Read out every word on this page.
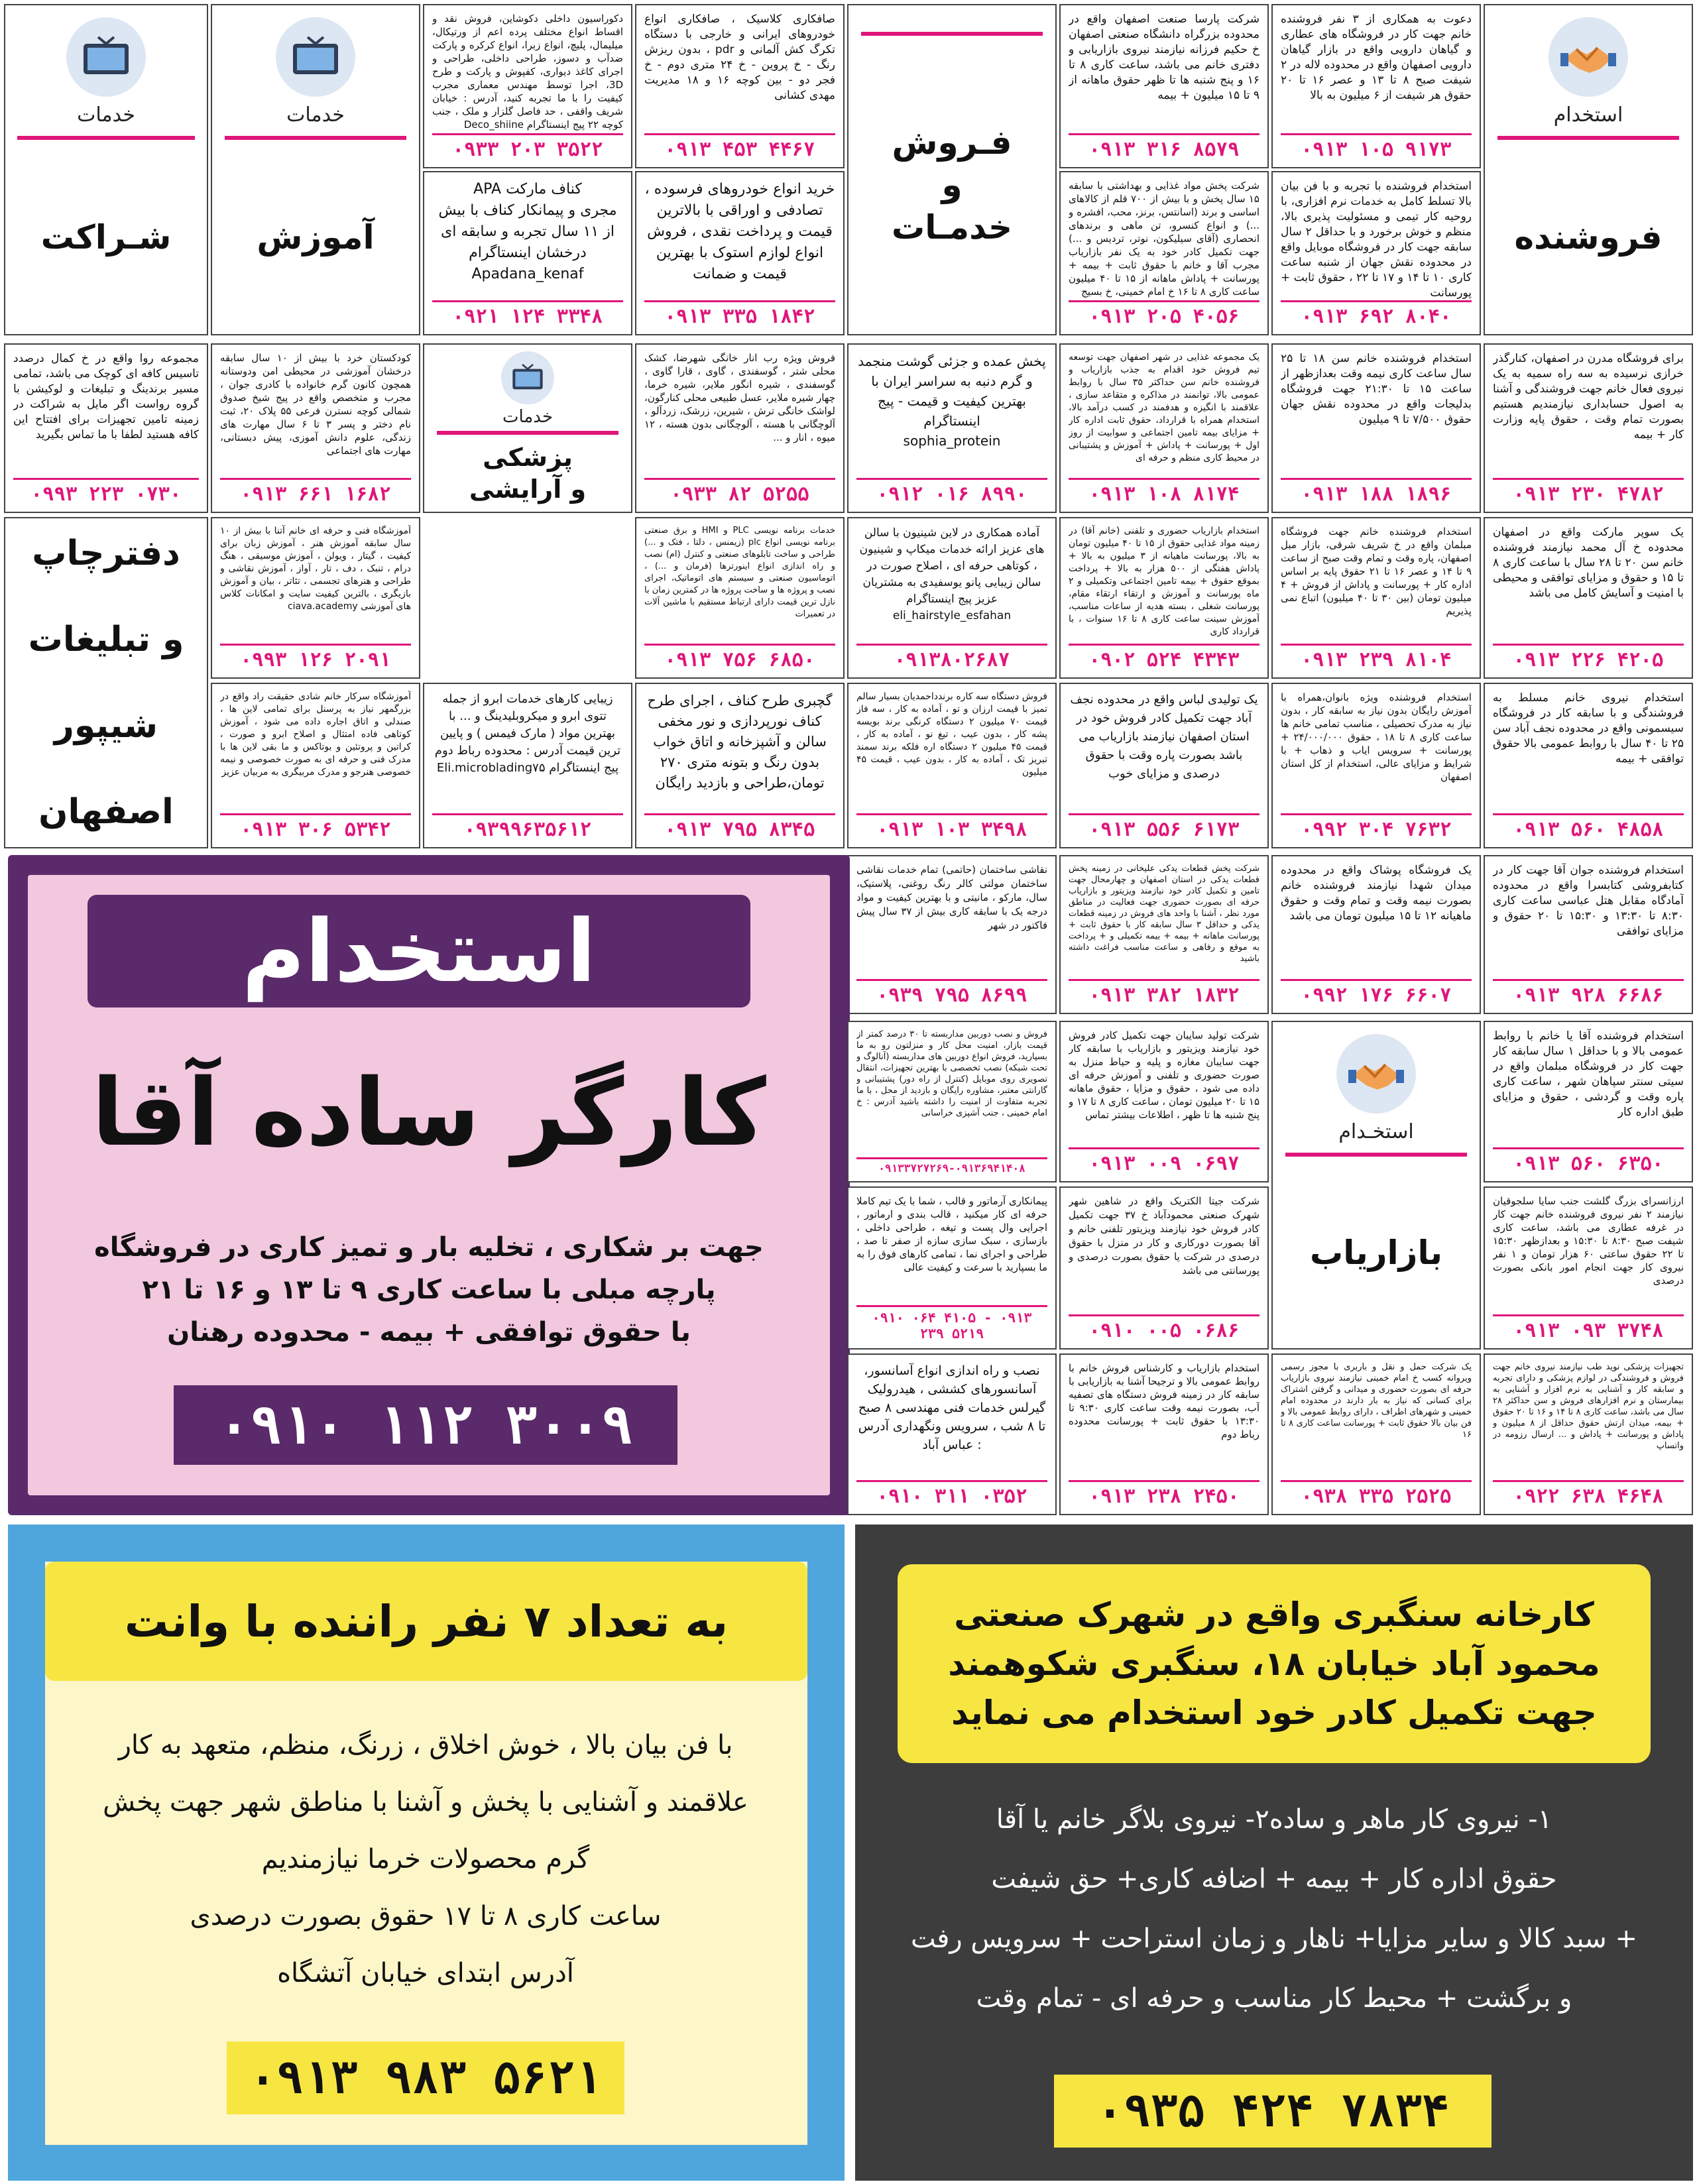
استخدام
فروشنده
دعوت به همکاری از ۳ نفر فروشنده خانم جهت کار در فروشگاه های عطاری و گیاهان دارویی واقع در بازار گیاهان دارویی اصفهان واقع در محدوده لاله در ۲ شیفت صبح ۸ تا ۱۳ و عصر ۱۶ تا ۲۰ حقوق هر شیفت از ۶ میلیون به بالا
۰۹۱۳ ۱۰۵ ۹۱۷۳
شرکت پارسا صنعت اصفهان واقع در محدوده بزرگراه دانشگاه صنعتی اصفهان خ حکیم فرزانه نیازمند نیروی بازاریابی و دفتری خانم می باشد، ساعت کاری ۸ تا ۱۶ و پنج شنبه ها تا ظهر حقوق ماهانه از ۹ تا ۱۵ میلیون + بیمه
۰۹۱۳ ۳۱۶ ۸۵۷۹
فـروش
و
خدمـات
صافکاری کلاسیک ، صافکاری انواع خودروهای ایرانی و خارجی با دستگاه تکرگ کش آلمانی و pdr ، بدون ریزش رنگ - خ پروین - خ ۲۴ متری دوم - خ فجر دو - بین کوچه ۱۶ و ۱۸ مدیریت مهدی کشانی
۰۹۱۳ ۴۵۳ ۴۴۶۷
دکوراسیون داخلی دکوشاین، فروش نقد و اقساط انواع مختلف پرده اعم از ورتیکال، میلیمال، پلیچ، انواع زبرا، انواع کرکره و پارکت ضدآب و دسوز، طراحی داخلی، طراحی و اجرای کاغذ دیواری، کفپوش و پارکت و طرح 3D، اجرا توسط مهندس معماری مجرب کیفیت را با ما تجربه کنید، آدرس : خیابان شریف واقفی ، حد فاصل گلزار و ملک ، جنب کوچه ۲۲ پیج اینستاگرام Deco_shiine
۰۹۳۳ ۲۰۳ ۳۵۲۲
خدمات
آموزش
خدمات
شـراکت
استخدام فروشنده با تجربه و با فن بیان بالا تسلط کامل به خدمات نرم افزاری، با روحیه کار تیمی و مسئولیت پذیری بالا، منظم و خوش برخورد و با حداقل ۲ سال سابقه جهت کار در فروشگاه موبایل واقع در محدوده نقش جهان از شنبه ساعت کاری ۱۰ تا ۱۴ و ۱۷ تا ۲۲ ، حقوق ثابت + پورسانت
۰۹۱۳ ۶۹۲ ۸۰۴۰
شرکت پخش مواد غذایی و بهداشتی با سابقه ۱۵ سال پخش و با بیش از ۷۰۰ قلم از کالاهای اساسی و برند (اسانتس، برنز، محب، افشره و ...) و انواع کنسرو، تن ماهی و برندهای انحصاری (آقای سیلیکون، نوتر، تردیس و ...) جهت تکمیل کادر خود به یک نفر بازاریاب مجرب آقا و خانم با حقوق ثابت + بیمه + پورسانت + پاداش ماهانه از ۱۵ تا ۴۰ میلیون ساعت کاری ۸ تا ۱۶ خ امام خمینی، خ بسیج
۰۹۱۳ ۲۰۵ ۴۰۵۶
خرید انواع خودروهای فرسوده ، تصادفی و اوراقی با بالاترین قیمت و پرداخت نقدی ، فروش انواع لوازم استوک با بهترین قیمت و ضمانت
۰۹۱۳ ۳۳۵ ۱۸۴۲
کناف مارکت APA
مجری و پیمانکار کناف با بیش از ۱۱ سال تجربه و سابقه ای درخشان اینستاگرام
Apadana_kenaf
۰۹۲۱ ۱۲۴ ۳۳۴۸
برای فروشگاه مدرن در اصفهان، کنارگذر خرازی نرسیده به سه راه سمیه به یک نیروی فعال خانم جهت فروشندگی و آشنا به اصول حسابداری نیازمندیم هستیم بصورت تمام وقت ، حقوق پایه وزارت کار + بیمه
۰۹۱۳ ۲۳۰ ۴۷۸۲
استخدام فروشنده خانم سن ۱۸ تا ۲۵ سال ساعت کاری نیمه وقت بعدازظهر از ساعت ۱۵ تا ۲۱:۳۰ جهت فروشگاه بدلیجات واقع در محدوده نقش جهان حقوق ۷/۵۰۰ تا ۹ میلیون
۰۹۱۳ ۱۸۸ ۱۸۹۶
یک مجموعه غذایی در شهر اصفهان جهت توسعه تیم فروش خود اقدام به جذب بازاریاب و فروشنده خانم سن حداکثر ۳۵ سال با روابط عمومی بالا، توانمند در مذاکره و متقاعد سازی ، علاقمند با انگیزه و هدفمند در کسب درآمد بالا، استخدام همراه با قرارداد، حقوق ثابت اداره کار + مزایای بیمه تامین اجتماعی و سوابیت از روز اول + پورسانت + پاداش + آموزش و پشتیبانی در محیط کاری منظم و حرفه ای
۰۹۱۳ ۱۰۸ ۸۱۷۴
پخش عمده و جزئی گوشت منجمد و گرم دنبه به سراسر ایران با بهترین کیفیت و قیمت - پیج اینستاگرام
sophia_protein
۰۹۱۲ ۰۱۶ ۸۹۹۰
فروش ویژه رب انار خانگی شهرضا، کشک محلی شتر ، گوسفندی ، گاوی ، قارا گاوی ، گوسفندی ، شیره انگور ملایر، شیره خرما، چهار شیره ملایر، عسل طبیعی محلی کنارگون، لواشک خانگی ترش ، شیرین، زرشک، زردآلو ، آلوچگانی با هسته ، آلوچگانی بدون هسته ، ۱۲ میوه ، انار و ...
۰۹۳۳ ۸۲ ۵۲۵۵
خدمات
پزشکی
و آرایشی
کودکستان خرد با بیش از ۱۰ سال سابقه درخشان آموزشی در محیطی امن ودوستانه همچون کانون گرم خانواده با کادری جوان ، مجرب و متخصص واقع در پیج شیخ صدوق شمالی کوچه نسترن فرعی ۵۵ پلاک ۲۰، ثبت نام دختر و پسر ۳ تا ۶ سال مهارت های زندگی، علوم دانش آموزی، پیش دبستانی، مهارت های اجتماعی
۰۹۱۳ ۶۶۱ ۱۶۸۲
مجموعه روا واقع در خ کمال درصدد تاسیس کافه ای کوچک می باشد، تمامی مسیر برندینگ و تبلیغات و لوکیشن با گروه رواست اگر مایل به شراکت در زمینه تامین تجهیزات برای افتتاح این کافه هستید لطفا با ما تماس بگیرید
۰۹۹۳ ۲۲۳ ۰۷۳۰
یک سوپر مارکت واقع در اصفهان محدوده خ آل محمد نیازمند فروشنده خانم سن ۲۰ تا ۲۸ سال با ساعت کاری ۸ تا ۱۵ و حقوق و مزایای توافقی و محیطی با امنیت و آسایش کامل می باشد
۰۹۱۳ ۲۲۶ ۴۲۰۵
استخدام فروشنده خانم جهت فروشگاه مبلمان واقع در خ شریف شرقی، بازار مبل اصفهان، پاره وقت و تمام وقت صبح از ساعت ۹ تا ۱۴ و عصر ۱۶ تا ۲۱ حقوق پایه بر اساس اداره کار + پورسانت و پاداش از فروش + ۴ میلیون تومان (بین ۳۰ تا ۴۰ میلیون) اتباع نمی پذیریم
۰۹۱۳ ۲۳۹ ۸۱۰۴
استخدام بازاریاب حضوری و تلفنی (خانم آقا) در زمینه مواد غذایی حقوق از ۱۵ تا ۴۰ میلیون تومان به بالا، پورسانت ماهیانه از ۳ میلیون به بالا + پاداش هفتگی از ۵۰۰ هزار به بالا + پرداخت بموقع حقوق + بیمه تامین اجتماعی وتکمیلی و ۲ ماه پورسانت و آموزش و ارتقاء ارتقاء مقام، پورسانت شغلی ، بسته هدیه از ساعات مناسب، آموزش سینت ساعت کاری ۸ تا ۱۶ سنوات ، با قرارداد کاری
۰۹۰۲ ۵۲۴ ۴۳۴۳
آماده همکاری در لاین شینیون با سالن های عزیز ارائه خدمات میکاپ و شینیون ، کوتاهی حرفه ای ، اصلاح صورت در سالن زیبایی پانو یوسفیدی به مشتریان عزیز پیج اینستاگرام eli_hairstyle_esfahan
۰۹۱۳۸۰۲۶۸۷
خدمات برنامه نویسی PLC و HMI و برق صنعتی برنامه نویسی انواع plc (زیمنس ، دلتا ، فتک و ...) طراحی و ساخت تابلوهای صنعتی و کنترل (ام) نصب و راه اندازی انواع اینورترها (فرمان و ...) ، اتوماسیون صنعتی و سیستم های اتوماتیک، اجرای نصب و پروژه ها و ساخت پروژه ها در کمترین زمان با نازل ترین قیمت دارای ارتباط مستقیم با ماشین آلات در تعمیرات
۰۹۱۳ ۷۵۶ ۶۸۵۰
آموزشگاه فنی و حرفه ای خانم آتنا با بیش از ۱۰ سال سابقه آموزش هنر ، آموزش زبان برای کیفیت ، گیتار ، ویولن ، آموزش موسیقی ، هنگ درام ، تنبک ، دف ، تار ، آواز ، آموزش نقاشی و طراحی و هنرهای تجسمی ، تئاتر ، بیان و آموزش بازیگری ، بالترین کیفیت سایت و امکانات کلاس های آموزشی ciava.academy
۰۹۹۳ ۱۲۶ ۲۰۹۱
دفترچاپ
و تبلیغات
شیپور اصفهان
استخدام نیروی خانم مسلط به فروشندگی و با سابقه کار در فروشگاه سیسمونی واقع در محدوده نجف آباد سن ۲۵ تا ۴۰ سال با روابط عمومی بالا حقوق توافقی + بیمه
۰۹۱۳ ۵۶۰ ۴۸۵۸
استخدام فروشنده ویژه بانوان،همراه با آموزش رایگان بدون نیاز به سابقه کار ، بدون نیاز به مدرک تحصیلی ، مناسب تمامی خانم ها ساعت کاری ۸ تا ۱۸ ، حقوق ۲۴/۰۰۰/۰۰۰ + پورسانت + سرویس ایاب و ذهاب + با شرایط و مزایای عالی، استخدام از کل استان اصفهان
۰۹۹۲ ۳۰۴ ۷۶۳۲
یک تولیدی لباس واقع در محدوده نجف آباد جهت تکمیل کادر فروش خود در استان اصفهان نیازمند بازاریاب می باشد بصورت پاره وقت با حقوق درصدی و مزایای خوب
۰۹۱۳ ۵۵۶ ۶۱۷۳
فروش دستگاه سه کاره برندداحمدیان بسیار سالم تمیز با قیمت ارزان و تو ، آماده به کار ، سه فاز قیمت ۷۰ میلیون ۲ دستگاه کرنگی برند بویسه پشه کار ، بدون عیب ، تیغ نو ، آماده به کار ، قیمت ۴۵ میلیون ۲ دستگاه اره فلکه برند سمند تبریز تک ، آماده به کار ، بدون عیب ، قیمت ۴۵ میلیون
۰۹۱۳ ۱۰۳ ۳۴۹۸
گچبری طرح کناف ، اجرای طرح کناف نورپردازی و نور مخفی سالن و آشپزخانه و اتاق خواب بدون رنگ و بتونه متری ۲۷۰ تومان،طراحی و بازدید رایگان
۰۹۱۳ ۷۹۵ ۸۳۴۵
زیبایی کارهای خدمات ابرو از جمله تتوی ابرو و میکروبلیدینگ و ... با بهترین مواد ( مارک فیمس ) و پایین ترین قیمت آدرس : محدوده رباط دوم پیج اینستاگرام Eli.microblading۷۵
۰۹۳۹۹۶۳۵۶۱۲
آموزشگاه سرکار خانم شادی حقیقت راد واقع در بزرگمهر نیاز به پرسنل برای تمامی لاین ها ، صندلی و اتاق اجاره داده می شود ، آموزش کوتاهی فاده امتثال و اصلاح ابرو و صورت ، کراتین و پروتئین و بوتاکس و ما بقی لاین ها با مدرک فنی و حرفه ای به صورت خصوصی و نیمه خصوصی هنرجو و مدرک مربیگری به مربیان عزیز
۰۹۱۳ ۳۰۶ ۵۳۴۲
استخدام فروشنده جوان آقا جهت کار در کتابفروشی کتابسرا واقع در محدوده آمادگاه مقابل هتل عباسی ساعت کاری ۸:۳۰ تا ۱۳:۳۰ و ۱۵:۳۰ تا ۲۰ حقوق و مزایای توافقی
۰۹۱۳ ۹۲۸ ۶۶۸۶
یک فروشگاه پوشاک واقع در محدوده میدان شهدا نیازمند فروشنده خانم بصورت نیمه وقت و تمام وقت و حقوق ماهیانه ۱۲ تا ۱۵ میلیون تومان می باشد
۰۹۹۲ ۱۷۶ ۶۶۰۷
شرکت پخش قطعات یدکی علیخانی در زمینه پخش قطعات یدکی در استان اصفهان و چهارمحال جهت تامین و تکمیل کادر خود نیازمند ویزیتور و بازاریاب حرفه ای بصورت حضوری جهت فعالیت در مناطق مورد نظر ، آشنا با واحد های فروش در زمینه قطعات یدکی و حداقل ۳ سال سابقه کار با حقوق ثابت + پورسانت ماهانه + بیمه + بیمه تکمیلی و + پرداخت به موقع و رفاهی و ساعت مناسب فراغت داشته باشید
۰۹۱۳ ۳۸۲ ۱۸۳۲
نقاشی ساختمان (حاتمی) تمام خدمات نقاشی ساختمان مولتی کالر رنگ روغنی، پلاستیک، سال، مارکو ، مانیتی و با بهترین کیفیت و مواد درجه یک با سابقه کاری بیش از ۳۷ سال پیش فاکتور در شهر
۰۹۳۹ ۷۹۵ ۸۶۹۹
استخدام
کارگر ساده آقا
جهت بر شکاری ، تخلیه بار و تمیز کاری در فروشگاه
پارچه مبلی با ساعت کاری ۹ تا ۱۳ و ۱۶ تا ۲۱
با حقوق توافقی + بیمه - محدوده رهنان
۰۹۱۰ ۱۱۲ ۳۰۰۹
استخدام فروشنده آقا یا خانم با روابط عمومی بالا و با حداقل ۱ سال سابقه کار جهت کار در فروشگاه مبلمان واقع در سیتی سنتر سپاهان شهر ، ساعت کاری پاره وقت و گردشی ، حقوق و مزایای طبق اداره کار
۰۹۱۳ ۵۶۰ ۶۳۵۰
استخـدام
بازاریاب
شرکت تولید سایبان جهت تکمیل کادر فروش خود نیازمند ویزیتور و بازاریاب با سابقه کار جهت سایبان مغازه و پلیه و حیاط منزل به صورت حضوری و تلفنی و آموزش حرفه ای داده می شود ، حقوق و مزایا ، حقوق ماهانه ۱۵ تا ۲۰ میلیون تومان ، ساعت کاری ۸ تا ۱۷ و پنج شنبه ها تا ظهر ، اطلاعات بیشتر تماس
۰۹۱۳ ۰۰۹ ۰۶۹۷
فروش و نصب دوربین مداربسته تا ۳۰ درصد کمتر از قیمت بازار، امنیت محل کار و منزلتون رو به ما بسپارید، فروش انواع دوربین های مداربسته (آنالوگ و تحت شبکه) نصب تخصصی با بهترین تجهیزات، انتقال تصویری روی موبایل (کنترل از راه دور) پشتیبانی و گارانتی معتبر، مشاوره رایگان و بازدید از محل ، با ما تجربه متفاوت از امنیت را داشته باشید آدرس : خ امام خمینی ، جنب آشپزی خراسانی
۰۹۱۳۳۷۲۷۲۶۹-۰۹۱۳۶۹۴۱۴۰۸
ارزانسرای بزرگ گلشت جنب سایا سلجوقیان نیازمند ۲ نفر نیروی فروشنده خانم جهت کار در غرفه عطاری می باشد، ساعت کاری شیفت صبح ۸:۳۰ تا ۱۵:۳۰ و بعدازظهر ۱۵:۳۰ تا ۲۲ حقوق ساعتی ۶۰ هزار تومان و ۱ نفر نیروی کار جهت انجام امور بانکی بصورت درصدی
۰۹۱۳ ۰۹۳ ۳۷۴۸
شرکت جیتا الکتریک واقع در شاهین شهر شهرک صنعتی محمودآباد خ ۳۷ جهت تکمیل کادر فروش خود نیازمند ویزیتور تلفنی خانم و آقا بصورت دورکاری و کار در منزل با حقوق درصدی در شرکت یا حقوق بصورت درصدی و پورسانتی می باشد
۰۹۱۰ ۰۰۵ ۰۶۸۶
پیمانکاری آرماتور و قالب ، شما با یک تیم کاملا حرفه ای کار میکنید ، قالب بندی و ارماتور ، اجرایی وال پست و تیغه ، طراحی داخلی ، بازسازی ، سبک سازی سازه از صفر تا صد ، طراحی و اجرای نما ، تمامی کارهای فوق را به ما بسپارید با سرعت و کیفیت عالی
۰۹۱۰ ۰۶۴ ۴۱۰۵ - ۰۹۱۳ ۲۳۹ ۵۲۱۹
تجهیزات پزشکی نوید طب نیازمند نیروی خانم جهت فروش و فروشندگی در لوازم پزشکی و دارای تجربه و سابقه کار و آشنایی به نرم افزار و آشنایی به بیمارستان و نرم افزارهای فروش و سن حداکثر ۲۸ سال می باشد، ساعت کاری ۸ تا ۱۴ و ۱۶ تا ۲۰ حقوق + بیمه، میدان ارتش حقوق حداقل از ۸ میلیون و پاداش و پورسانت + پاداش و ... ارسال رزومه در واتساپ
۰۹۲۲ ۶۳۸ ۴۶۴۸
یک شرکت حمل و نقل و باربری با مجوز رسمی ویروانه کسب خ امام خمینی نیازمند نیروی بازاریاب حرفه ای بصورت حضوری و میدانی و گرفتن اشتراک برای کسانی که نیاز به بار دارند در محدوده امام خمینی و شهرهای اطراف ، دارای روابط عمومی بالا و فن بیان بالا حقوق ثابت + پورسانت ساعت کاری ۸ تا ۱۶
۰۹۳۸ ۳۳۵ ۲۵۲۵
استخدام بازاریاب و کارشناس فروش خانم با روابط عمومی بالا و ترجیحا آشنا به بازاریابی با سابقه کار در زمینه فروش دستگاه های تصفیه آب، بصورت نیمه وقت ساعت کاری ۹:۳۰ تا ۱۳:۳۰ با حقوق ثابت + پورسانت محدوده رباط دوم
۰۹۱۳ ۲۳۸ ۲۴۵۰
نصب و راه اندازی انواع آسانسور، آسانسورهای کششی ، هیدرولیک گیرلس خدمات فنی مهندسی ۸ صبح تا ۸ شب ، سرویس ونگهداری آدرس : عباس آباد
۰۹۱۰ ۳۱۱ ۰۳۵۲
به تعداد ۷ نفر راننده با وانت
با فن بیان بالا ، خوش اخلاق ، زرنگ، منظم، متعهد به کار
علاقمند و آشنایی با پخش و آشنا با مناطق شهر جهت پخش
گرم محصولات خرما نیازمندیم
ساعت کاری ۸ تا ۱۷ حقوق بصورت درصدی
آدرس ابتدای خیابان آتشگاه
۰۹۱۳ ۹۸۳ ۵۶۲۱
کارخانه سنگبری واقع در شهرک صنعتی محمود آباد خیابان ۱۸، سنگبری شکوهمند جهت تکمیل کادر خود استخدام می نماید
۱- نیروی کار ماهر و ساده۲- نیروی بلاگر خانم یا آقا
حقوق اداره کار + بیمه + اضافه کاری+ حق شیفت
+ سبد کالا و سایر مزایا+ ناهار و زمان استراحت + سرویس رفت
و برگشت + محیط کار مناسب و حرفه ای - تمام وقت
۰۹۳۵ ۴۲۴ ۷۸۳۴
